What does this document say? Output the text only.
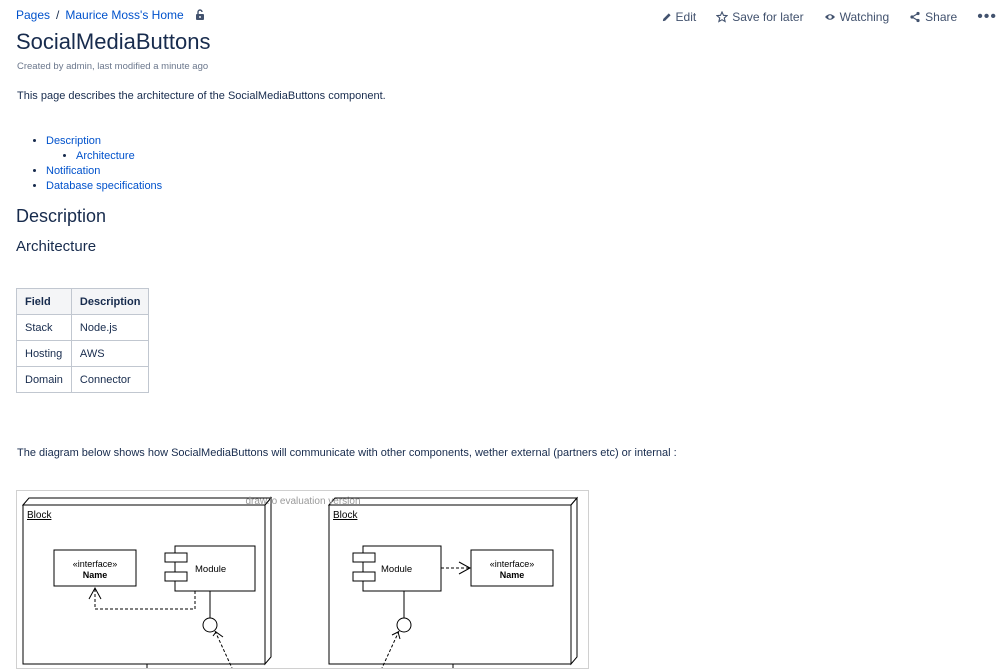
Pages / Maurice Moss's Home	Edit	Save for later	Watching	Share •••
SocialMediaButtons
Created by admin, last modified a minute ago
This page describes the architecture of the SocialMediaButtons component.
• Description
• Architecture
• Notification
• Database specifications
Description
Architecture
Field	Description
Stack	Node.js
Hosting	AWS
Domain	Connector
The diagram below shows how SocialMediaButtons will communicate with other components, wether external (partners etc) or internal :
Block
«interface»
Name	Module
Block
Module	«interface»
Name
draw.io evaluation version
